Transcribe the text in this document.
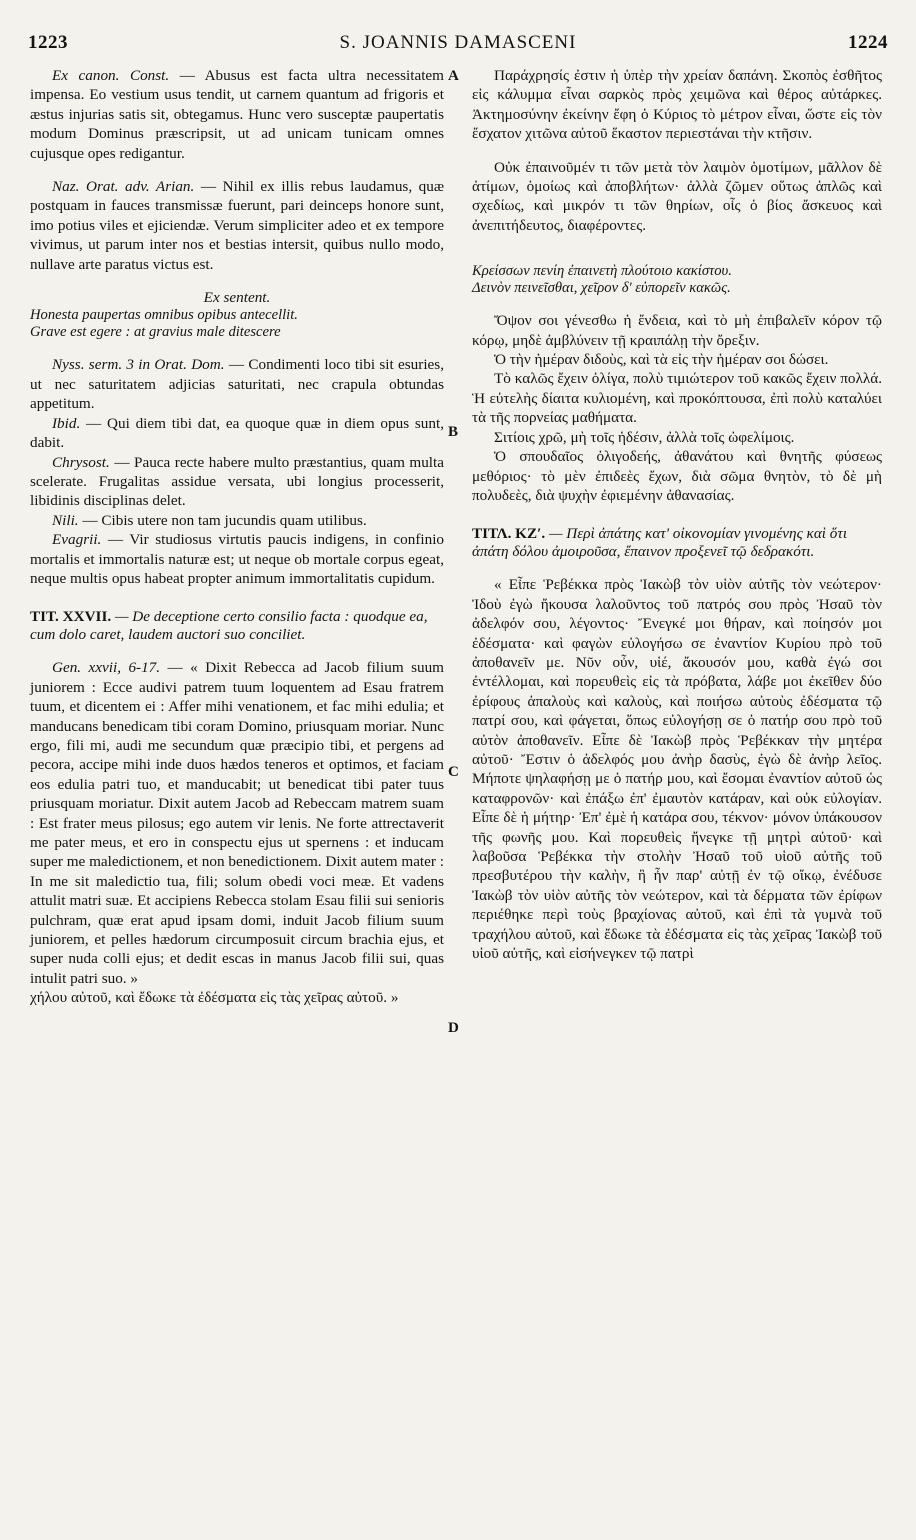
1223	S. JOANNIS DAMASCENI	1224
A
B
C
D

Ex canon. Const. — Abusus est facta ultra necessitatem impensa. Eo vestium usus tendit, ut carnem quantum ad frigoris et æstus injurias satis sit, obtegamus. Hunc vero susceptæ paupertatis modum Dominus præscripsit, ut ad unicam tunicam omnes cujusque opes redigantur.

Naz. Orat. adv. Arian. — Nihil ex illis rebus laudamus, quæ postquam in fauces transmissæ fuerunt, pari deinceps honore sunt, imo potius viles et ejiciendæ. Verum simpliciter adeo et ex tempore vivimus, ut parum inter nos et bestias intersit, quibus nullo modo, nullave arte paratus victus est.

Ex sentent.

Honesta paupertas omnibus opibus antecellit.

Grave est egere : at gravius male ditescere

Nyss. serm. 3 in Orat. Dom. — Condimenti loco tibi sit esuries, ut nec saturitatem adjicias saturitati, nec crapula obtundas appetitum.

Ibid. — Qui diem tibi dat, ea quoque quæ in diem opus sunt, dabit.

Chrysost. — Pauca recte habere multo præstantius, quam multa scelerate. Frugalitas assidue versata, ubi longius processerit, libidinis disciplinas delet.

Nili. — Cibis utere non tam jucundis quam utilibus.

Evagrii. — Vir studiosus virtutis paucis indigens, in confinio mortalis et immortalis naturæ est; ut neque ob mortale corpus egeat, neque multis opus habeat propter animum immortalitatis cupidum.

TIT. XXVII. — De deceptione certo consilio facta : quodque ea, cum dolo caret, laudem auctori suo conciliet.

Gen. xxvii, 6-17. — « Dixit Rebecca ad Jacob filium suum juniorem : Ecce audivi patrem tuum loquentem ad Esau fratrem tuum, et dicentem ei : Affer mihi venationem, et fac mihi edulia; et manducans benedicam tibi coram Domino, priusquam moriar. Nunc ergo, fili mi, audi me secundum quæ præcipio tibi, et pergens ad pecora, accipe mihi inde duos hædos teneros et optimos, et faciam eos edulia patri tuo, et manducabit; ut benedicat tibi pater tuus priusquam moriatur. Dixit autem Jacob ad Rebeccam matrem suam : Est frater meus pilosus; ego autem vir lenis. Ne forte attrectaverit me pater meus, et ero in conspectu ejus ut spernens : et inducam super me maledictionem, et non benedictionem. Dixit autem mater : In me sit maledictio tua, fili; solum obedi voci meæ. Et vadens attulit matri suæ. Et accipiens Rebecca stolam Esau filii sui senioris pulchram, quæ erat apud ipsam domi, induit Jacob filium suum juniorem, et pelles hædorum circumposuit circum brachia ejus, et super nuda colli ejus; et dedit escas in manus Jacob filii sui, quas intulit patri suo. »

χήλου αὐτοῦ, καὶ ἔδωκε τὰ ἐδέσματα εἰς τὰς χεῖρας αὐτοῦ. »

Παράχρησίς ἐστιν ἡ ὑπὲρ τὴν χρείαν δαπάνη. Σκοπὸς ἐσθῆτος εἰς κάλυμμα εἶναι σαρκὸς πρὸς χειμῶνα καὶ θέρος αὐτάρκες. Ἀκτημοσύνην ἐκείνην ἔφη ὁ Κύριος τὸ μέτρον εἶναι, ὥστε εἰς τὸν ἔσχατον χιτῶνα αὐτοῦ ἕκαστον περιεστάναι τὴν κτῆσιν.

Οὐκ ἐπαινοῦμέν τι τῶν μετὰ τὸν λαιμὸν ὁμοτίμων, μᾶλλον δὲ ἀτίμων, ὁμοίως καὶ ἀποβλήτων· ἀλλὰ ζῶμεν οὕτως ἁπλῶς καὶ σχεδίως, καὶ μικρόν τι τῶν θηρίων, οἷς ὁ βίος ἄσκευος καὶ ἀνεπιτήδευτος, διαφέροντες.

Κρείσσων πενίη ἐπαινετὴ πλούτοιο κακίστου.

Δεινὸν πεινεῖσθαι, χεῖρον δ' εὐπορεῖν κακῶς.

Ὄψον σοι γένεσθω ἡ ἔνδεια, καὶ τὸ μὴ ἐπιβαλεῖν κόρον τῷ κόρῳ, μηδὲ ἀμβλύνειν τῇ κραιπάλῃ τὴν ὄρεξιν.

Ὁ τὴν ἡμέραν διδοὺς, καὶ τὰ εἰς τὴν ἡμέραν σοι δώσει.

Τὸ καλῶς ἔχειν ὀλίγα, πολὺ τιμιώτερον τοῦ κακῶς ἔχειν πολλά. Ἡ εὐτελὴς δίαιτα κυλιομένη, καὶ προκόπτουσα, ἐπὶ πολὺ καταλύει τὰ τῆς πορνείας μαθήματα.

Σιτίοις χρῶ, μὴ τοῖς ἡδέσιν, ἀλλὰ τοῖς ὠφελίμοις.

Ὁ σπουδαῖος ὀλιγοδεής, ἀθανάτου καὶ θνητῆς φύσεως μεθόριος· τὸ μὲν ἐπιδεὲς ἔχων, διὰ σῶμα θνητὸν, τὸ δὲ μὴ πολυδεὲς, διὰ ψυχὴν ἐφιεμένην ἀθανασίας.

ΤΙΤΛ. ΚΖʹ. — Περὶ ἀπάτης κατ' οἰκονομίαν γινομένης καὶ ὅτι ἀπάτη δόλου ἀμοιροῦσα, ἔπαινον προξενεῖ τῷ δεδρακότι.

« Εἶπε Ῥεβέκκα πρὸς Ἰακὼβ τὸν υἱὸν αὐτῆς τὸν νεώτερον· Ἰδοὺ ἐγὼ ἤκουσα λαλοῦντος τοῦ πατρός σου πρὸς Ἠσαῦ τὸν ἀδελφόν σου, λέγοντος· Ἔνεγκέ μοι θήραν, καὶ ποίησόν μοι ἐδέσματα· καὶ φαγὼν εὐλογήσω σε ἐναντίον Κυρίου πρὸ τοῦ ἀποθανεῖν με. Νῦν οὖν, υἱέ, ἄκουσόν μου, καθὰ ἐγώ σοι ἐντέλλομαι, καὶ πορευθεὶς εἰς τὰ πρόβατα, λάβε μοι ἐκεῖθεν δύο ἐρίφους ἁπαλοὺς καὶ καλοὺς, καὶ ποιήσω αὐτοὺς ἐδέσματα τῷ πατρί σου, καὶ φάγεται, ὅπως εὐλογήσῃ σε ὁ πατήρ σου πρὸ τοῦ αὐτὸν ἀποθανεῖν. Εἶπε δὲ Ἰακὼβ πρὸς Ῥεβέκκαν τὴν μητέρα αὐτοῦ· Ἔστιν ὁ ἀδελφός μου ἀνὴρ δασὺς, ἐγὼ δὲ ἀνὴρ λεῖος. Μήποτε ψηλαφήσῃ με ὁ πατήρ μου, καὶ ἔσομαι ἐναντίον αὐτοῦ ὡς καταφρονῶν· καὶ ἐπάξω ἐπ' ἐμαυτὸν κατάραν, καὶ οὐκ εὐλογίαν. Εἶπε δὲ ἡ μήτηρ· Ἐπ' ἐμὲ ἡ κατάρα σου, τέκνον· μόνον ὑπάκουσον τῆς φωνῆς μου. Καὶ πορευθεὶς ἤνεγκε τῇ μητρὶ αὐτοῦ· καὶ λαβοῦσα Ῥεβέκκα τὴν στολὴν Ἠσαῦ τοῦ υἱοῦ αὐτῆς τοῦ πρεσβυτέρου τὴν καλὴν, ἣ ἦν παρ' αὐτῇ ἐν τῷ οἴκῳ, ἐνέδυσε Ἰακὼβ τὸν υἱὸν αὐτῆς τὸν νεώτερον, καὶ τὰ δέρματα τῶν ἐρίφων περιέθηκε περὶ τοὺς βραχίονας αὐτοῦ, καὶ ἐπὶ τὰ γυμνὰ τοῦ τραχήλου αὐτοῦ, καὶ ἔδωκε τὰ ἐδέσματα εἰς τὰς χεῖρας Ἰακὼβ τοῦ υἱοῦ αὐτῆς, καὶ εἰσήνεγκεν τῷ πατρὶ
